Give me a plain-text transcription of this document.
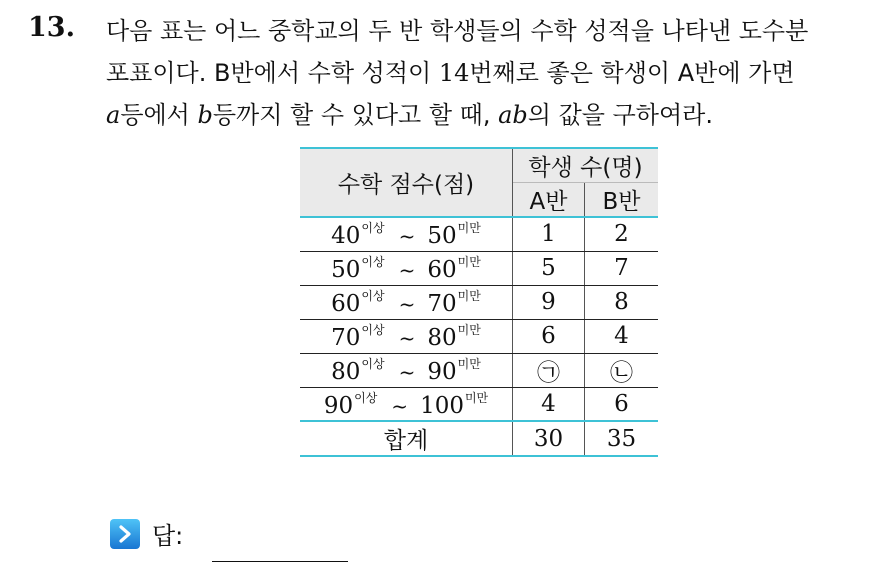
13. 다음 표는 어느 중학교의 두 반 학생들의 수학 성적을 나타낸 도수분
포표이다. B반에서 수학 성적이 14번째로 좋은 학생이 A반에 가면
a등에서 b등까지 할 수 있다고 할 때, ab의 값을 구하여라.
수학 점수(점)	학생 수(명)	
	A반	B반
$40^{이상}$ ~ $50^{미만}$	1	2
$50^{이상}$ ~ $60^{미만}$	5	7
$60^{이상}$ ~ $70^{미만}$	9	8
$70^{이상}$ ~ $80^{미만}$	6	4
$80^{이상}$ ~ $90^{미만}$	㉠	㉡
$90^{이상}$ ~ $100^{미만}$	4	6
합계	30	35
답:
